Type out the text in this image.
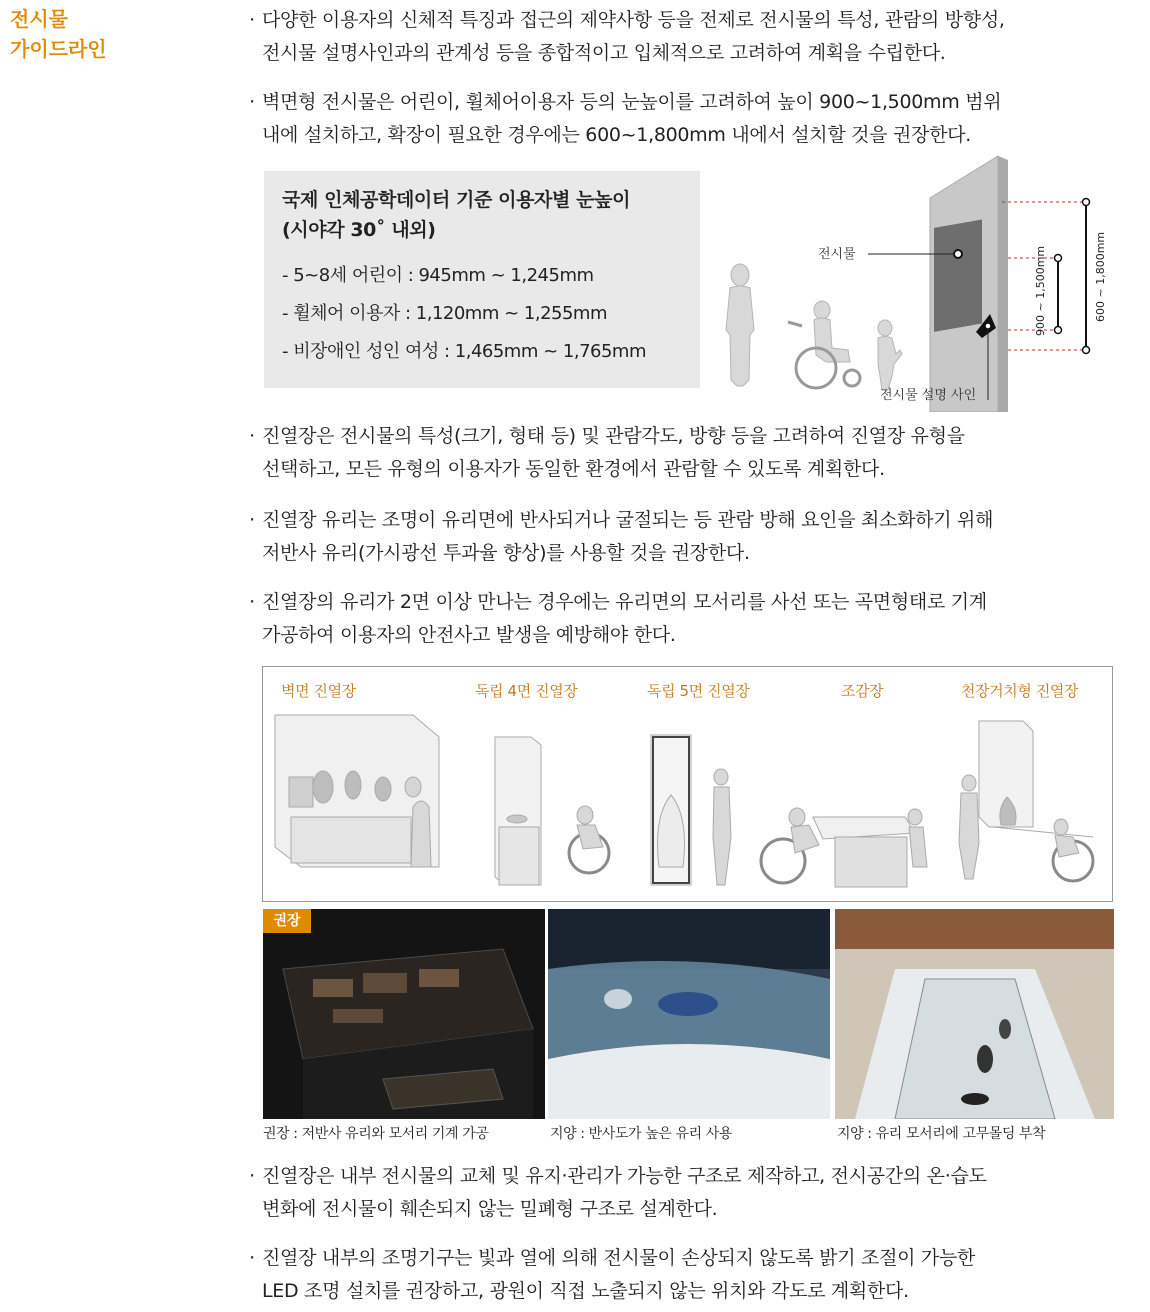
전시물
가이드라인
· 다양한 이용자의 신체적 특징과 접근의 제약사항 등을 전제로 전시물의 특성, 관람의 방향성,
전시물 설명사인과의 관계성 등을 종합적이고 입체적으로 고려하여 계획을 수립한다.
· 벽면형 전시물은 어린이, 휠체어이용자 등의 눈높이를 고려하여 높이 900~1,500mm 범위
내에 설치하고, 확장이 필요한 경우에는 600~1,800mm 내에서 설치할 것을 권장한다.
국제 인체공학데이터 기준 이용자별 눈높이
(시야각 30˚ 내외)
- 5~8세 어린이 : 945mm ~ 1,245mm
- 휠체어 이용자 : 1,120mm ~ 1,255mm
- 비장애인 성인 여성 : 1,465mm ~ 1,765mm
전시물
전시물 설명 사인
900 ~ 1,500mm	600 ~ 1,800mm
· 진열장은 전시물의 특성(크기, 형태 등) 및 관람각도, 방향 등을 고려하여 진열장 유형을
선택하고, 모든 유형의 이용자가 동일한 환경에서 관람할 수 있도록 계획한다.
· 진열장 유리는 조명이 유리면에 반사되거나 굴절되는 등 관람 방해 요인을 최소화하기 위해
저반사 유리(가시광선 투과율 향상)를 사용할 것을 권장한다.
· 진열장의 유리가 2면 이상 만나는 경우에는 유리면의 모서리를 사선 또는 곡면형태로 기계
가공하여 이용자의 안전사고 발생을 예방해야 한다.
벽면 진열장	독립 4면 진열장	독립 5면 진열장	조감장	천장거치형 진열장
권장
권장 : 저반사 유리와 모서리 기계 가공	지양 : 반사도가 높은 유리 사용	지양 : 유리 모서리에 고무몰딩 부착
· 진열장은 내부 전시물의 교체 및 유지·관리가 가능한 구조로 제작하고, 전시공간의 온·습도
변화에 전시물이 훼손되지 않는 밀폐형 구조로 설계한다.
· 진열장 내부의 조명기구는 빛과 열에 의해 전시물이 손상되지 않도록 밝기 조절이 가능한
LED 조명 설치를 권장하고, 광원이 직접 노출되지 않는 위치와 각도로 계획한다.
